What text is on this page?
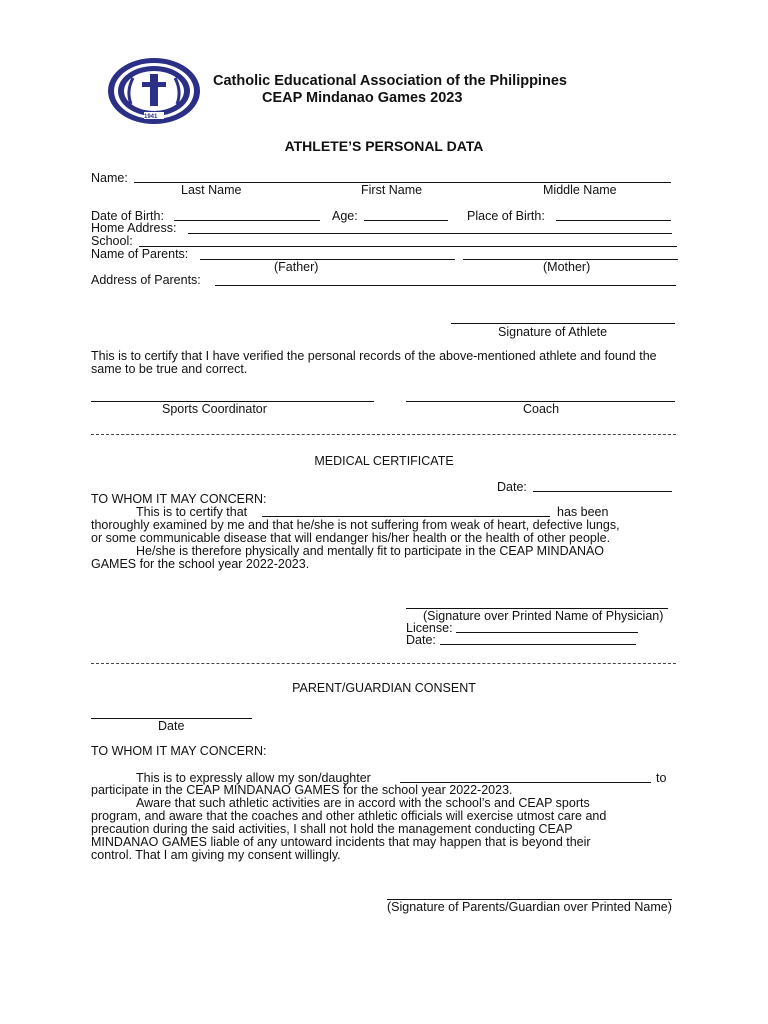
1941
Catholic Educational Association of the Philippines
CEAP Mindanao Games 2023
ATHLETE’S PERSONAL DATA
Name:
Last Name	First Name	Middle Name
Date of Birth:	Age:	Place of Birth:
Home Address:
School:
Name of Parents:
(Father)	(Mother)
Address of Parents:
Signature of Athlete
This is to certify that I have verified the personal records of the above-mentioned athlete and found the same to be true and correct.
Sports Coordinator	Coach
MEDICAL CERTIFICATE
Date:
TO WHOM IT MAY CONCERN:
This is to certify that	has been
thoroughly examined by me and that he/she is not suffering from weak of heart, defective lungs,
or some communicable disease that will endanger his/her health or the health of other people.
He/she is therefore physically and mentally fit to participate in the CEAP MINDANAO
GAMES for the school year 2022-2023.
(Signature over Printed Name of Physician)
License:
Date:
PARENT/GUARDIAN CONSENT
Date
TO WHOM IT MAY CONCERN:
This is to expressly allow my son/daughter	to
participate in the CEAP MINDANAO GAMES for the school year 2022-2023.
Aware that such athletic activities are in accord with the school’s and CEAP sports
program, and aware that the coaches and other athletic officials will exercise utmost care and
precaution during the said activities, I shall not hold the management conducting CEAP
MINDANAO GAMES liable of any untoward incidents that may happen that is beyond their
control. That I am giving my consent willingly.
(Signature of Parents/Guardian over Printed Name)
